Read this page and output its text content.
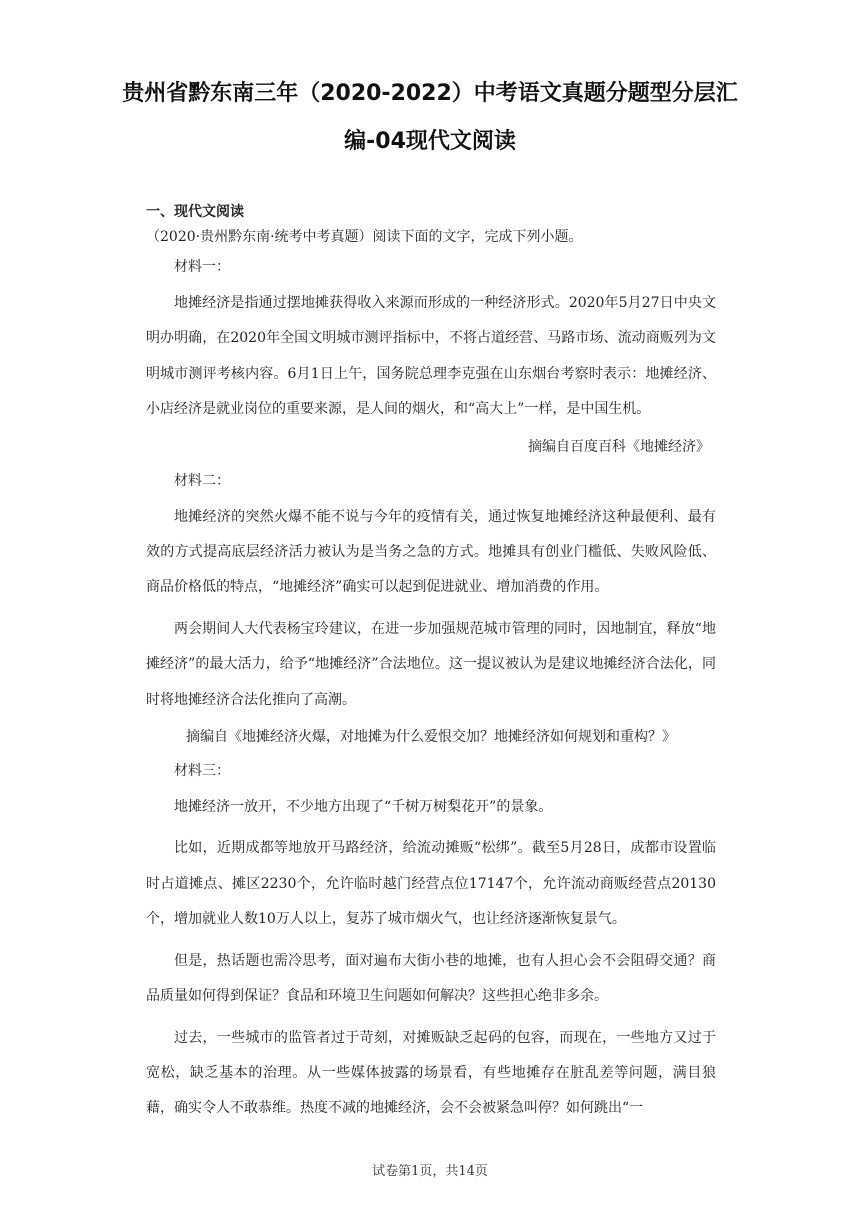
贵州省黔东南三年（2020-2022）中考语文真题分题型分层汇
编-04现代文阅读
一、现代文阅读
（2020·贵州黔东南·统考中考真题）阅读下面的文字，完成下列小题。

材料一：

地摊经济是指通过摆地摊获得收入来源而形成的一种经济形式。2020年5月27日中央文明办明确，在2020年全国文明城市测评指标中，不将占道经营、马路市场、流动商贩列为文明城市测评考核内容。6月1日上午，国务院总理李克强在山东烟台考察时表示：地摊经济、小店经济是就业岗位的重要来源，是人间的烟火，和“高大上”一样，是中国生机。

摘编自百度百科《地摊经济》

材料二：

地摊经济的突然火爆不能不说与今年的疫情有关，通过恢复地摊经济这种最便利、最有效的方式提高底层经济活力被认为是当务之急的方式。地摊具有创业门槛低、失败风险低、商品价格低的特点，“地摊经济”确实可以起到促进就业、增加消费的作用。

两会期间人大代表杨宝玲建议，在进一步加强规范城市管理的同时，因地制宜，释放“地摊经济”的最大活力，给予“地摊经济”合法地位。这一提议被认为是建议地摊经济合法化，同时将地摊经济合法化推向了高潮。

摘编自《地摊经济火爆，对地摊为什么爱恨交加？地摊经济如何规划和重构？》

材料三：

地摊经济一放开，不少地方出现了“千树万树梨花开”的景象。

比如，近期成都等地放开马路经济，给流动摊贩“松绑”。截至5月28日，成都市设置临时占道摊点、摊区2230个，允许临时越门经营点位17147个，允许流动商贩经营点20130个，增加就业人数10万人以上，复苏了城市烟火气，也让经济逐渐恢复景气。

但是，热话题也需冷思考，面对遍布大街小巷的地摊，也有人担心会不会阻碍交通？商品质量如何得到保证？食品和环境卫生问题如何解决？这些担心绝非多余。

过去，一些城市的监管者过于苛刻，对摊贩缺乏起码的包容，而现在，一些地方又过于宽松，缺乏基本的治理。从一些媒体披露的场景看，有些地摊存在脏乱差等问题，满目狼藉，确实令人不敢恭维。热度不减的地摊经济，会不会被紧急叫停？如何跳出“一

试卷第1页，共14页
